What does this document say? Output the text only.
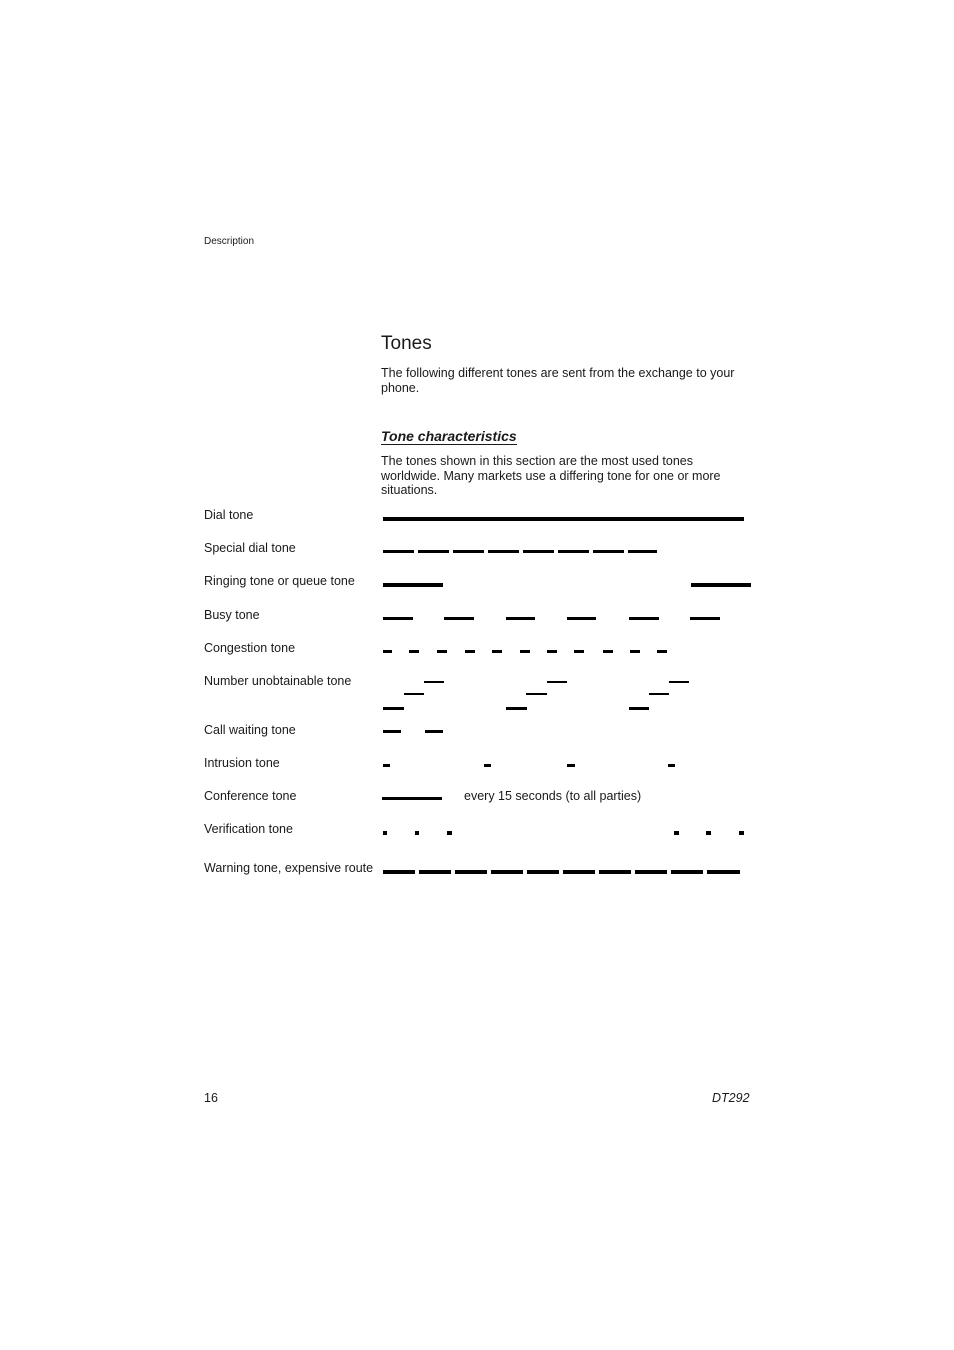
Description
Tones

The following different tones are sent from the exchange to your phone.

Tone characteristics

The tones shown in this section are the most used tones worldwide. Many markets use a differing tone for one or more situations.

Dial tone
Special dial tone
Ringing tone or queue tone
Busy tone
Congestion tone
Number unobtainable tone
Call waiting tone
Intrusion tone
Conference tone
Verification tone
Warning tone, expensive route
every 15 seconds (to all parties)
16	DT292
